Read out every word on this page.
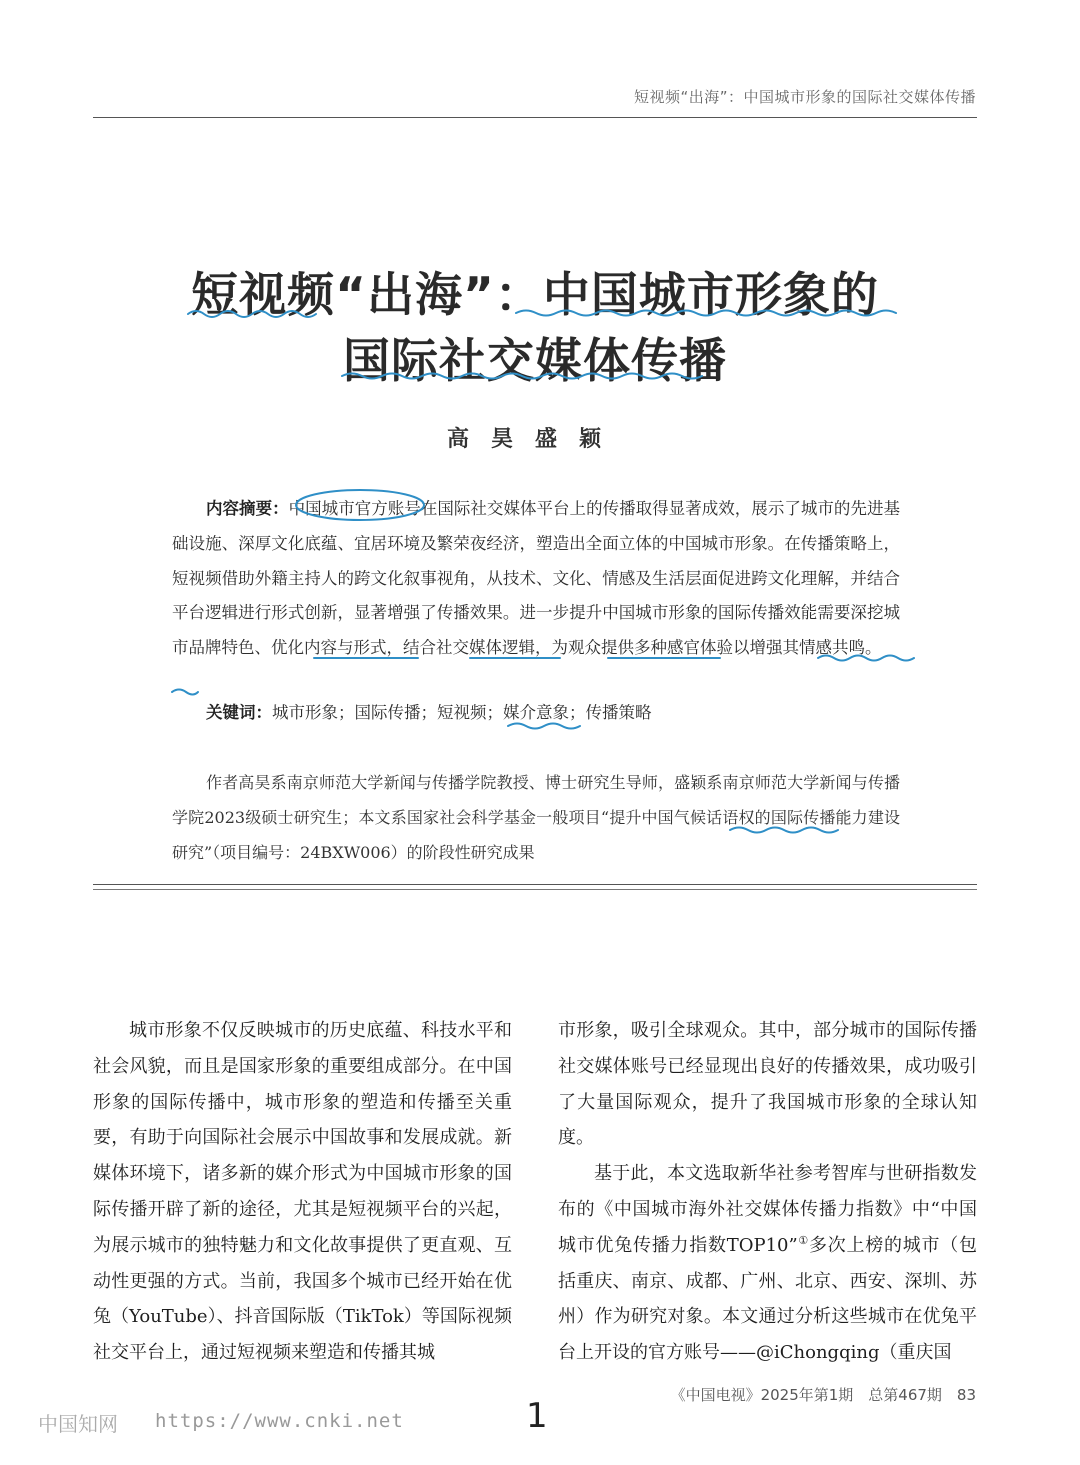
短视频“出海”：中国城市形象的国际社交媒体传播
短视频“出海”：中国城市形象的
国际社交媒体传播
高昊盛颖

内容摘要：中国城市官方账号在国际社交媒体平台上的传播取得显著成效，展示了城市的先进基础设施、深厚文化底蕴、宜居环境及繁荣夜经济，塑造出全面立体的中国城市形象。在传播策略上，短视频借助外籍主持人的跨文化叙事视角，从技术、文化、情感及生活层面促进跨文化理解，并结合平台逻辑进行形式创新，显著增强了传播效果。进一步提升中国城市形象的国际传播效能需要深挖城市品牌特色、优化内容与形式，结合社交媒体逻辑，为观众提供多种感官体验以增强其情感共鸣。

关键词：城市形象；国际传播；短视频；媒介意象；传播策略

作者高昊系南京师范大学新闻与传播学院教授、博士研究生导师，盛颖系南京师范大学新闻与传播学院2023级硕士研究生；本文系国家社会科学基金一般项目“提升中国气候话语权的国际传播能力建设研究”（项目编号：24BXW006）的阶段性研究成果

城市形象不仅反映城市的历史底蕴、科技水平和社会风貌，而且是国家形象的重要组成部分。在中国形象的国际传播中，城市形象的塑造和传播至关重要，有助于向国际社会展示中国故事和发展成就。新媒体环境下，诸多新的媒介形式为中国城市形象的国际传播开辟了新的途径，尤其是短视频平台的兴起，为展示城市的独特魅力和文化故事提供了更直观、互动性更强的方式。当前，我国多个城市已经开始在优兔（YouTube）、抖音国际版（TikTok）等国际视频社交平台上，通过短视频来塑造和传播其城

市形象，吸引全球观众。其中，部分城市的国际传播社交媒体账号已经显现出良好的传播效果，成功吸引了大量国际观众，提升了我国城市形象的全球认知度。

基于此，本文选取新华社参考智库与世研指数发布的《中国城市海外社交媒体传播力指数》中“中国城市优兔传播力指数TOP10”①多次上榜的城市（包括重庆、南京、成都、广州、北京、西安、深圳、苏州）作为研究对象。本文通过分析这些城市在优兔平台上开设的官方账号——@iChongqing（重庆国

《中国电视》2025年第1期　总第467期　83
中国知网 https://www.cnki.net	1
